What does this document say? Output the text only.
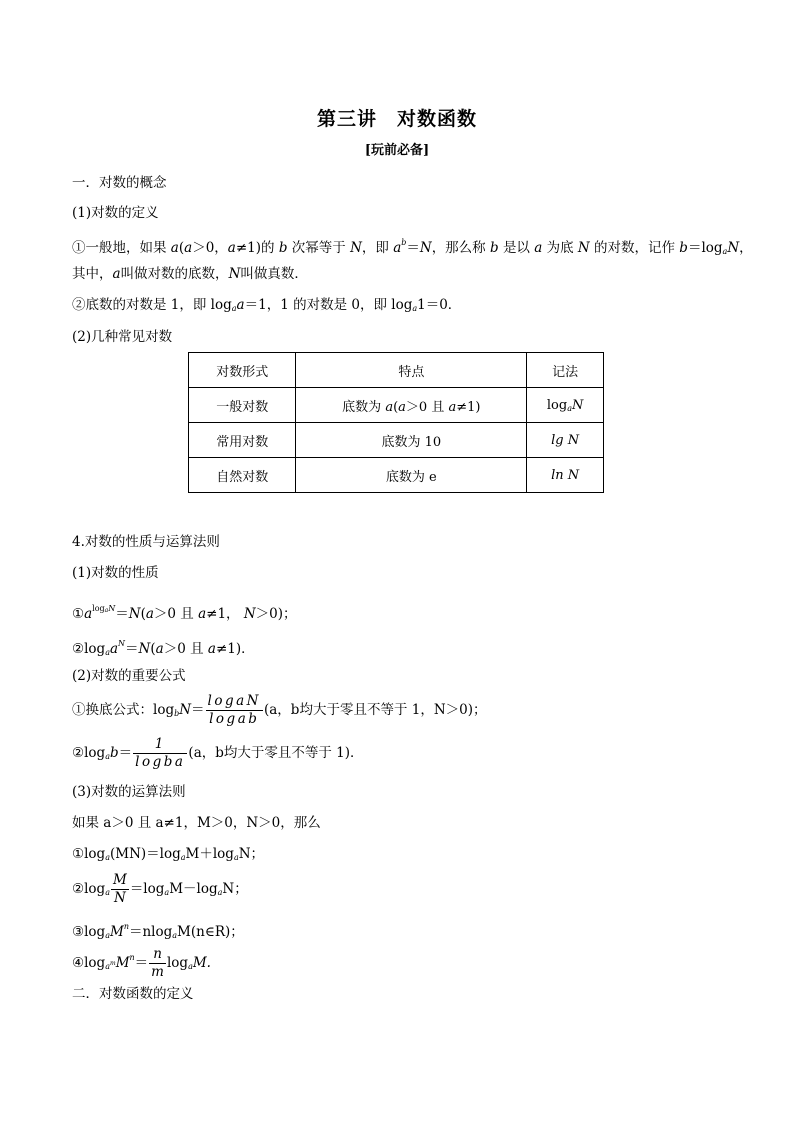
第三讲　对数函数
[玩前必备]
一．对数的概念
(1)对数的定义
①一般地，如果 a(a＞0，a≠1)的 b 次幂等于 N，即 $a^b=N$，那么称 b 是以 a 为底 N 的对数，记作 $b=\log_aN$，
其中，a叫做对数的底数，N叫做真数．
②底数的对数是 1，即 $\log_aa=1$，1 的对数是 0，即 $\log_a1=0$．
(2)几种常见对数
对数形式	特点	记法
一般对数	底数为 a(a＞0 且 a≠1)	$\log_aN$
常用对数	底数为 10	lg N
自然对数	底数为 e	ln N
4.对数的性质与运算法则
(1)对数的性质
$①a^{log_aN}=N(a>0$ 且 a≠1， N＞0)；
$②\log_aa^N=N(a>0$ 且 a≠1)．
(2)对数的重要公式
①换底公式：$\log_bN= \frac{\text{logaN}}{\text{logab}} (a$，b均大于零且不等于 1，N＞0)；
$②\log_ab= \frac{1}{\text{logba}} (a$，b均大于零且不等于 1)．
(3)对数的运算法则
如果 a＞0 且 a≠1，M＞0，N＞0，那么
$①\log_a(MN)=\log_aM+\log_aN$；
$②\log_a \frac{M}{N} =\log_aM-\log_aN$；
$③\log_aM^n=nlog_aM(n\in R)$；
$④\log_{a^m}M^n= \frac{n}{m} \log_aM$.
二．对数函数的定义
